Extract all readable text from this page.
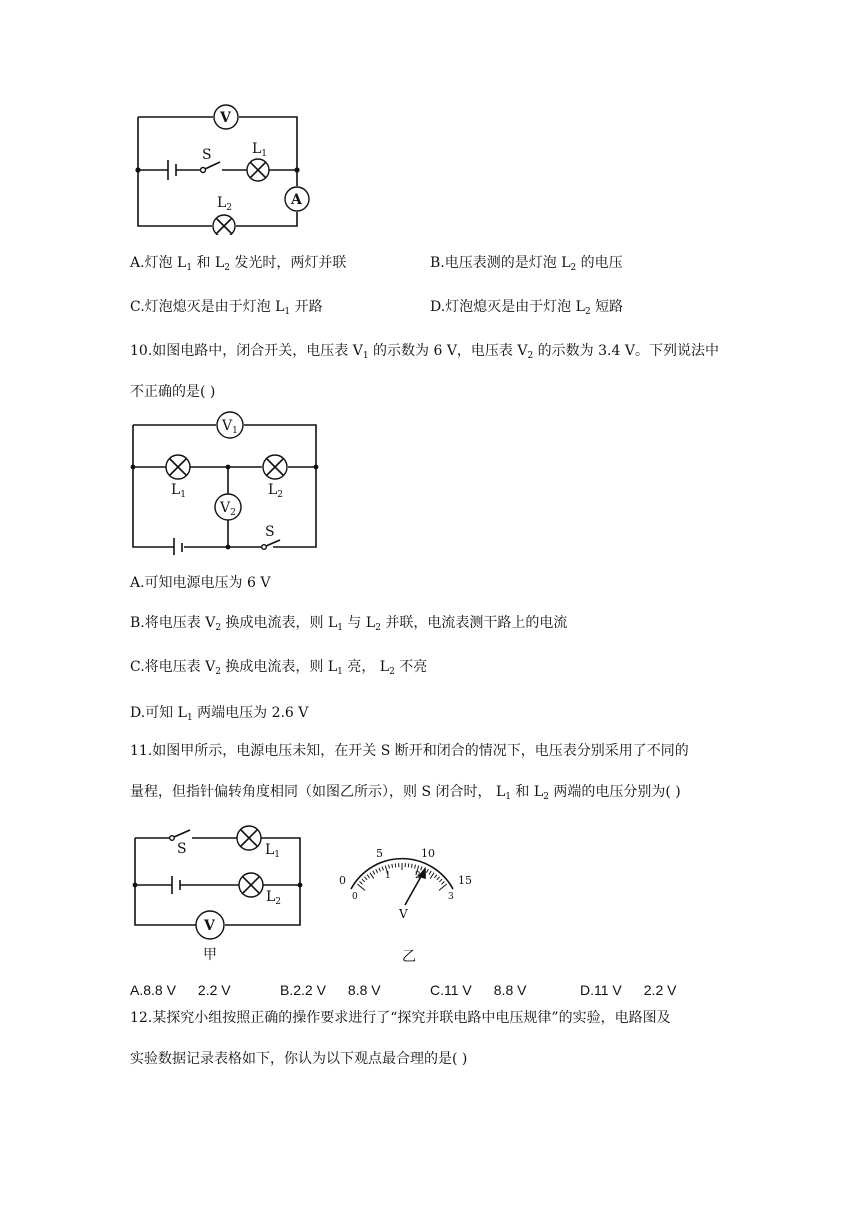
V
A
S	$L_1$
$L_2$
A.灯泡 $L_1$ 和 $L_2$ 发光时，两灯并联	B.电压表测的是灯泡 $L_2$ 的电压
C.灯泡熄灭是由于灯泡 $L_1$ 开路	D.灯泡熄灭是由于灯泡 $L_2$ 短路
10.如图电路中，闭合开关，电压表 $V_1$ 的示数为 6 V，电压表 $V_2$ 的示数为 3.4 V。下列说法中
不正确的是( )
$V_1$
$V_2$
$L_1$	$L_2$
S
A.可知电源电压为 6 V
B.将电压表 $V_2$ 换成电流表，则 $L_1$ 与 $L_2$ 并联，电流表测干路上的电流
C.将电压表 $V_2$ 换成电流表，则 $L_1$ 亮， $L_2$ 不亮
D.可知 $L_1$ 两端电压为 2.6 V
11.如图甲所示，电源电压未知，在开关 S 断开和闭合的情况下，电压表分别采用了不同的
量程，但指针偏转角度相同（如图乙所示），则 S 闭合时， $L_1$ 和 $L_2$ 两端的电压分别为( )
V
S	$L_1$
$L_2$
甲
0
5	10
15
0
1	2
3
V
乙
A.8.8 V 2.2 V	B.2.2 V 8.8 V	C.11 V 8.8 V	D.11 V 2.2 V
12.某探究小组按照正确的操作要求进行了“探究并联电路中电压规律”的实验，电路图及
实验数据记录表格如下，你认为以下观点最合理的是( )
